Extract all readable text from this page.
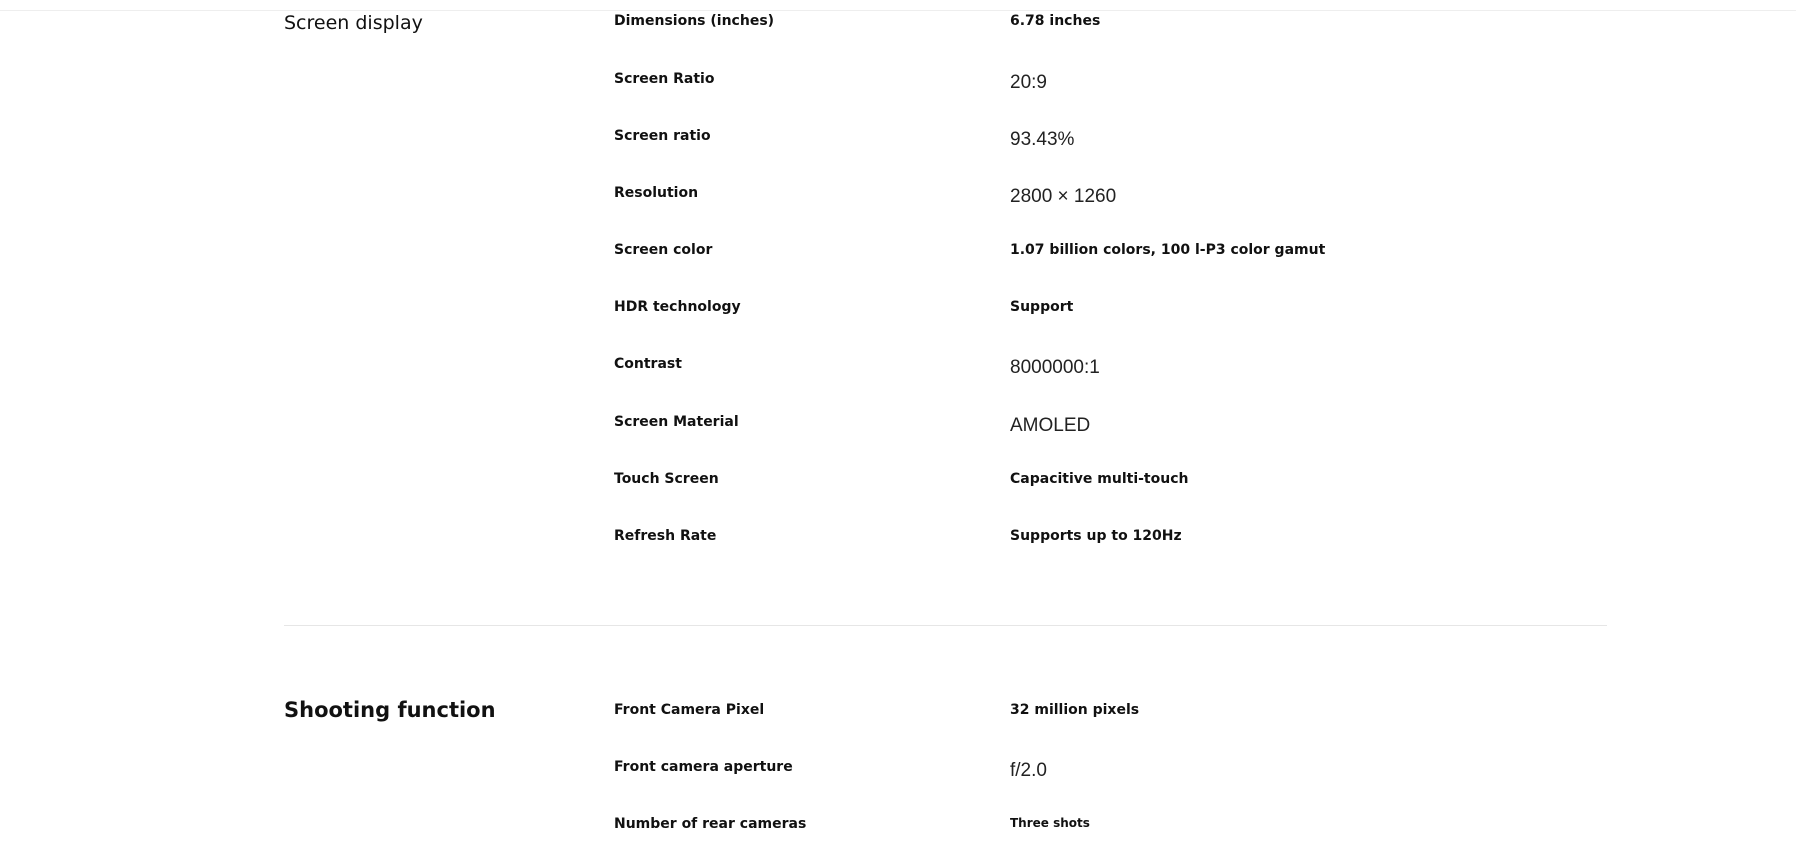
Screen display	Dimensions (inches)	6.78 inches
Screen Ratio	20:9
Screen ratio	93.43%
Resolution	2800 × 1260
Screen color	1.07 billion colors, 100 l-P3 color gamut
HDR technology	Support
Contrast	8000000:1
Screen Material	AMOLED
Touch Screen	Capacitive multi-touch
Refresh Rate	Supports up to 120Hz
Shooting function	Front Camera Pixel	32 million pixels
Front camera aperture	f/2.0
Number of rear cameras	Three shots
